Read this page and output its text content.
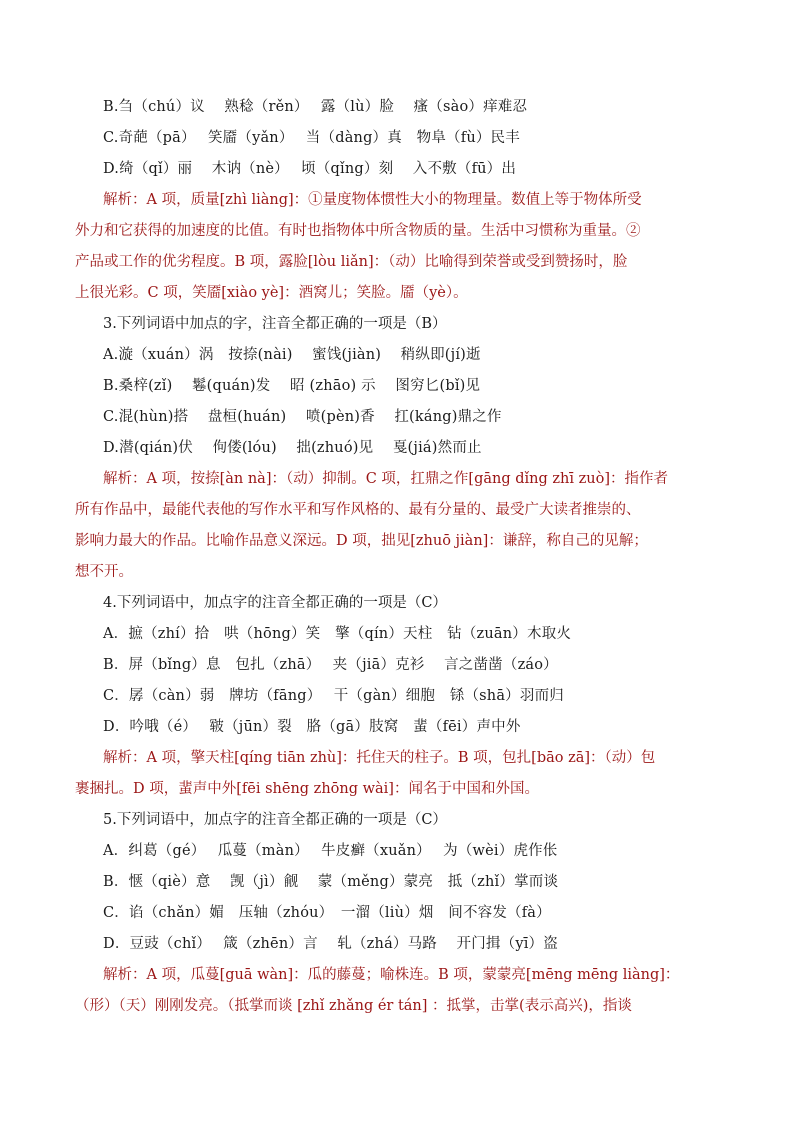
B.刍（chú）议　 熟稔（rěn）　 露（lù）脸　 瘙（sào）痒难忍
C.奇葩（pā）　 笑靥（yǎn）　 当（dàng）真　物阜（fù）民丰
D.绮（qǐ）丽　 木讷（nè）　 顷（qǐng）刻　 入不敷（fū）出
解析：A 项，质量[zhì liàng]：①量度物体惯性大小的物理量。数值上等于物体所受
外力和它获得的加速度的比值。有时也指物体中所含物质的量。生活中习惯称为重量。②
产品或工作的优劣程度。B 项，露脸[lòu liǎn]：（动）比喻得到荣誉或受到赞扬时，脸
上很光彩。C 项，笑靥[xiào yè]：酒窝儿；笑脸。靥（yè）。
3.下列词语中加点的字，注音全都正确的一项是（B）
A.漩（xuán）涡　按捺(nài)　 蜜饯(jiàn)　 稍纵即(jí)逝
B.桑梓(zǐ)　 鬈(quán)发　 昭 (zhāo) 示　 图穷匕(bǐ)见
C.混(hùn)搭　 盘桓(huán)　 喷(pèn)香　 扛(káng)鼎之作
D.潜(qián)伏　 佝偻(lóu)　 拙(zhuó)见　 戛(jiá)然而止
解析：A 项，按捺[àn nà]：（动）抑制。C 项，扛鼎之作[gāng dǐng zhī zuò]：指作者
所有作品中，最能代表他的写作水平和写作风格的、最有分量的、最受广大读者推崇的、
影响力最大的作品。比喻作品意义深远。D 项，拙见[zhuō jiàn]：谦辞，称自己的见解；
想不开。
4.下列词语中，加点字的注音全都正确的一项是（C）
A．摭（zhí）拾　哄（hōng）笑　擎（qín）天柱　钻（zuān）木取火
B．屏（bǐng）息　包扎（zhā）　 夹（jiā）克衫　 言之凿凿（záo）
C．孱（càn）弱　牌坊（fāng）　 干（gàn）细胞　铩（shā）羽而归
D．吟哦（é）　 皲（jūn）裂　胳（gā）肢窝　蜚（fēi）声中外
解析：A 项，擎天柱[qíng tiān zhù]：托住天的柱子。B 项，包扎[bāo zā]：（动）包
裹捆扎。D 项，蜚声中外[fēi shēng zhōng wài]：闻名于中国和外国。
5.下列词语中，加点字的注音全都正确的一项是（C）
A．纠葛（gé）　 瓜蔓（màn）　 牛皮癣（xuǎn）　 为（wèi）虎作伥
B．惬（qiè）意　 觊（jì）觎　 蒙（měng）蒙亮　抵（zhǐ）掌而谈
C．谄（chǎn）媚　压轴（zhóu）　一溜（liù）烟　间不容发（fà）
D．豆豉（chǐ）　 箴（zhēn）言　 轧（zhá）马路　 开门揖（yī）盗
解析：A 项，瓜蔓[guā wàn]：瓜的藤蔓；喻株连。B 项，蒙蒙亮[mēng mēng liàng]：
（形）（天）刚刚发亮。（抵掌而谈 [zhǐ zhǎng ér tán] ：抵掌，击掌(表示高兴)，指谈
